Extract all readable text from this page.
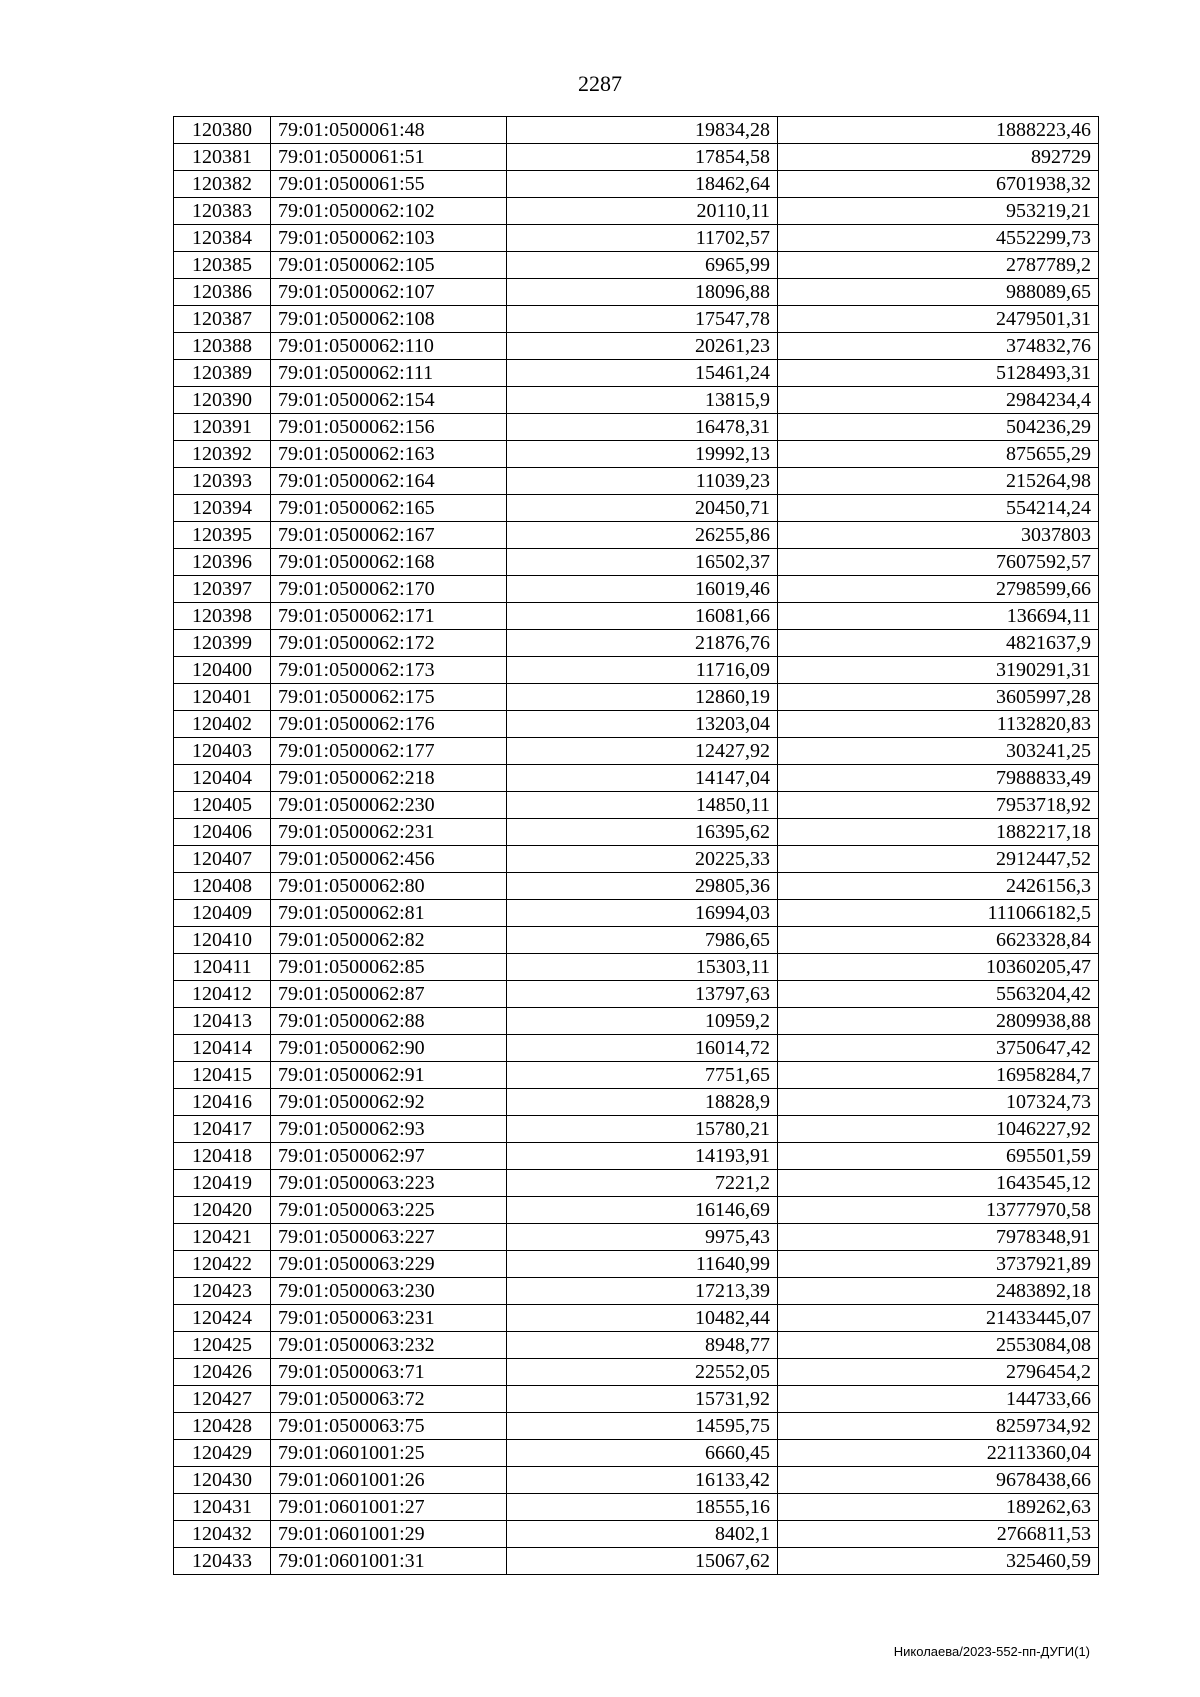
2287
120380	79:01:0500061:48	19834,28	1888223,46
120381	79:01:0500061:51	17854,58	892729
120382	79:01:0500061:55	18462,64	6701938,32
120383	79:01:0500062:102	20110,11	953219,21
120384	79:01:0500062:103	11702,57	4552299,73
120385	79:01:0500062:105	6965,99	2787789,2
120386	79:01:0500062:107	18096,88	988089,65
120387	79:01:0500062:108	17547,78	2479501,31
120388	79:01:0500062:110	20261,23	374832,76
120389	79:01:0500062:111	15461,24	5128493,31
120390	79:01:0500062:154	13815,9	2984234,4
120391	79:01:0500062:156	16478,31	504236,29
120392	79:01:0500062:163	19992,13	875655,29
120393	79:01:0500062:164	11039,23	215264,98
120394	79:01:0500062:165	20450,71	554214,24
120395	79:01:0500062:167	26255,86	3037803
120396	79:01:0500062:168	16502,37	7607592,57
120397	79:01:0500062:170	16019,46	2798599,66
120398	79:01:0500062:171	16081,66	136694,11
120399	79:01:0500062:172	21876,76	4821637,9
120400	79:01:0500062:173	11716,09	3190291,31
120401	79:01:0500062:175	12860,19	3605997,28
120402	79:01:0500062:176	13203,04	1132820,83
120403	79:01:0500062:177	12427,92	303241,25
120404	79:01:0500062:218	14147,04	7988833,49
120405	79:01:0500062:230	14850,11	7953718,92
120406	79:01:0500062:231	16395,62	1882217,18
120407	79:01:0500062:456	20225,33	2912447,52
120408	79:01:0500062:80	29805,36	2426156,3
120409	79:01:0500062:81	16994,03	111066182,5
120410	79:01:0500062:82	7986,65	6623328,84
120411	79:01:0500062:85	15303,11	10360205,47
120412	79:01:0500062:87	13797,63	5563204,42
120413	79:01:0500062:88	10959,2	2809938,88
120414	79:01:0500062:90	16014,72	3750647,42
120415	79:01:0500062:91	7751,65	16958284,7
120416	79:01:0500062:92	18828,9	107324,73
120417	79:01:0500062:93	15780,21	1046227,92
120418	79:01:0500062:97	14193,91	695501,59
120419	79:01:0500063:223	7221,2	1643545,12
120420	79:01:0500063:225	16146,69	13777970,58
120421	79:01:0500063:227	9975,43	7978348,91
120422	79:01:0500063:229	11640,99	3737921,89
120423	79:01:0500063:230	17213,39	2483892,18
120424	79:01:0500063:231	10482,44	21433445,07
120425	79:01:0500063:232	8948,77	2553084,08
120426	79:01:0500063:71	22552,05	2796454,2
120427	79:01:0500063:72	15731,92	144733,66
120428	79:01:0500063:75	14595,75	8259734,92
120429	79:01:0601001:25	6660,45	22113360,04
120430	79:01:0601001:26	16133,42	9678438,66
120431	79:01:0601001:27	18555,16	189262,63
120432	79:01:0601001:29	8402,1	2766811,53
120433	79:01:0601001:31	15067,62	325460,59
Николаева/2023-552-пп-ДУГИ(1)
